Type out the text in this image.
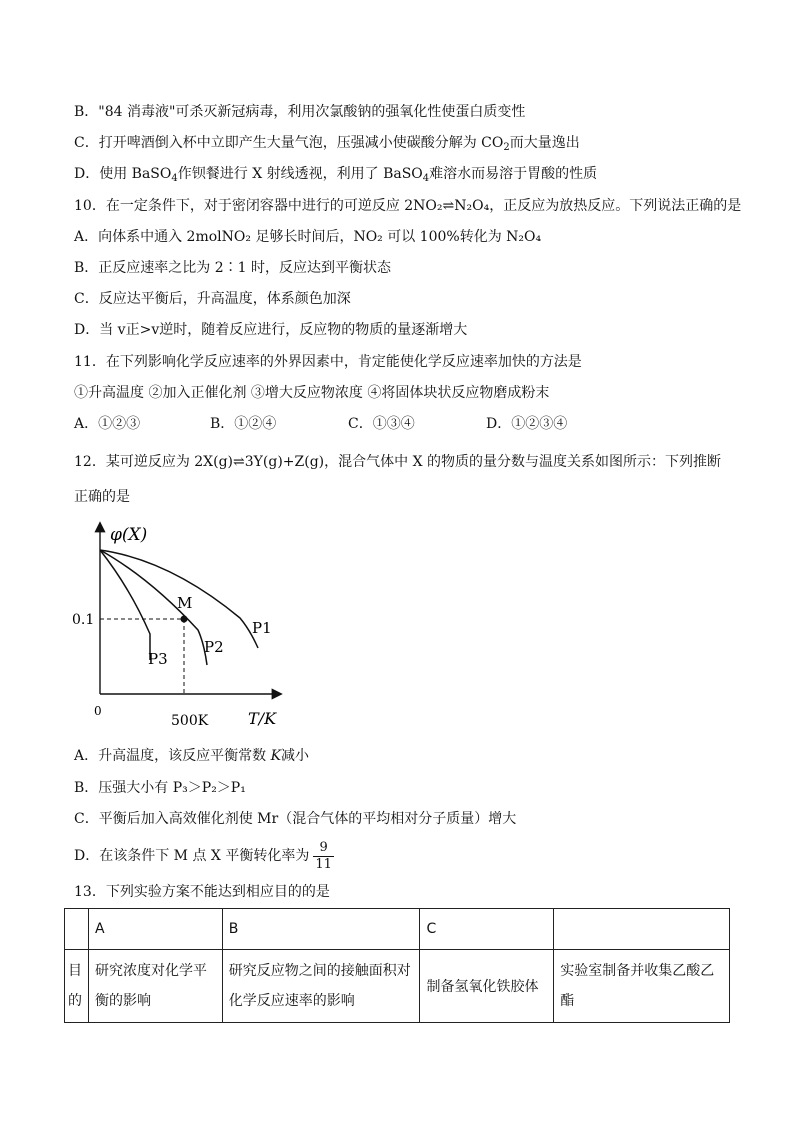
B．"84 消毒液"可杀灭新冠病毒，利用次氯酸钠的强氧化性使蛋白质变性
C．打开啤酒倒入杯中立即产生大量气泡，压强减小使碳酸分解为 $CO_2$而大量逸出
D．使用 BaSO$_4$作钡餐进行 X 射线透视，利用了 BaSO$_4$难溶水而易溶于胃酸的性质
10．在一定条件下，对于密闭容器中进行的可逆反应 2NO₂⇌N₂O₄，正反应为放热反应。下列说法正确的是
A．向体系中通入 2molNO₂ 足够长时间后，NO₂ 可以 100%转化为 N₂O₄
B．正反应速率之比为 2∶1 时，反应达到平衡状态
C．反应达平衡后，升高温度，体系颜色加深
D．当 v正>v逆时，随着反应进行，反应物的物质的量逐渐增大
11．在下列影响化学反应速率的外界因素中，肯定能使化学反应速率加快的方法是
①升高温度 ②加入正催化剂 ③增大反应物浓度 ④将固体块状反应物磨成粉末
A．①②③	B．①②④	C．①③④	D．①②③④
12．某可逆反应为 2X(g)⇌3Y(g)+Z(g)，混合气体中 X 的物质的量分数与温度关系如图所示：下列推断
正确的是
φ(X)
T/K
0
0.1
500K
M
P1
P2
P3
A．升高温度，该反应平衡常数 K减小
B．压强大小有 P₃＞P₂＞P₁
C．平衡后加入高效催化剂使 Mr（混合气体的平均相对分子质量）增大
D．在该条件下 M 点 X 平衡转化率为 $\frac{9}{11}$
13．下列实验方案不能达到相应目的的是
	A	B	C	
目的	研究浓度对化学平衡的影响	研究反应物之间的接触面积对化学反应速率的影响	制备氢氧化铁胶体	实验室制备并收集乙酸乙酯
